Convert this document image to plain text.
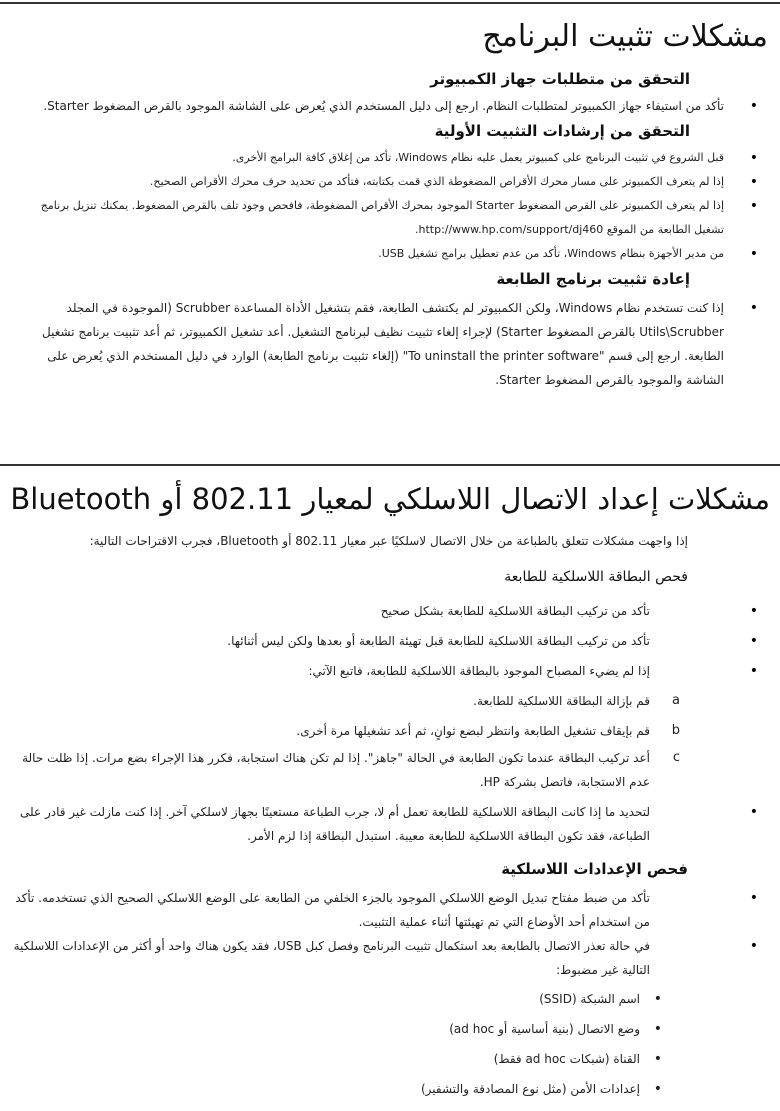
مشكلات تثبيت البرنامج
التحقق من متطلبات جهاز الكمبيوتر
• تأكد من استيفاء جهاز الكمبيوتر لمتطلبات النظام. ارجع إلى دليل المستخدم الذي يُعرض على الشاشة الموجود بالقرص المضغوط Starter.
التحقق من إرشادات التثبيت الأولية
• قبل الشروع في تثبيت البرنامج على كمبيوتر يعمل عليه نظام Windows، تأكد من إغلاق كافة البرامج الأخرى.
• إذا لم يتعرف الكمبيوتر على مسار محرك الأقراص المضغوطة الذي قمت بكتابته، فتأكد من تحديد حرف محرك الأقراص الصحيح.
• إذا لم يتعرف الكمبيوتر على القرص المضغوط Starter الموجود بمحرك الأقراص المضغوطة، فافحص وجود تلف بالقرص المضغوط. يمكنك تنزيل برنامج تشغيل الطابعة من الموقع http://www.hp.com/support/dj460.
• من مدير الأجهزة بنظام Windows، تأكد من عدم تعطيل برامج تشغيل USB.
إعادة تثبيت برنامج الطابعة
• إذا كنت تستخدم نظام Windows، ولكن الكمبيوتر لم يكتشف الطابعة، فقم بتشغيل الأداة المساعدة Scrubber (الموجودة في المجلد Utils\Scrubber بالقرص المضغوط Starter) لإجراء إلغاء تثبيت نظيف لبرنامج التشغيل. أعد تشغيل الكمبيوتر، ثم أعد تثبيت برنامج تشغيل الطابعة. ارجع إلى قسم "To uninstall the printer software" (إلغاء تثبيت برنامج الطابعة) الوارد في دليل المستخدم الذي يُعرض على الشاشة والموجود بالقرص المضغوط Starter.
مشكلات إعداد الاتصال اللاسلكي لمعيار 802.11 أو Bluetooth
إذا واجهت مشكلات تتعلق بالطباعة من خلال الاتصال لاسلكيًا عبر معيار 802.11 أو Bluetooth، فجرب الاقتراحات التالية:
فحص البطاقة اللاسلكية للطابعة
• تأكد من تركيب البطاقة اللاسلكية للطابعة بشكل صحيح
• تأكد من تركيب البطاقة اللاسلكية للطابعة قبل تهيئة الطابعة أو بعدها ولكن ليس أثنائها.
• إذا لم يضيء المصباح الموجود بالبطاقة اللاسلكية للطابعة، فاتبع الآتي:
a
قم بإزالة البطاقة اللاسلكية للطابعة.
b
قم بإيقاف تشغيل الطابعة وانتظر لبضع ثوانٍ، ثم أعد تشغيلها مرة أخرى.
c
أعد تركيب البطاقة عندما تكون الطابعة في الحالة "جاهز". إذا لم تكن هناك استجابة، فكرر هذا الإجراء بضع مرات. إذا ظلت حالة عدم الاستجابة، فاتصل بشركة HP.
• لتحديد ما إذا كانت البطاقة اللاسلكية للطابعة تعمل أم لا، جرب الطباعة مستعينًا بجهاز لاسلكي آخر. إذا كنت مازلت غير قادر على الطباعة، فقد تكون البطاقة اللاسلكية للطابعة معيبة. استبدل البطاقة إذا لزم الأمر.
فحص الإعدادات اللاسلكية
• تأكد من ضبط مفتاح تبديل الوضع اللاسلكي الموجود بالجزء الخلفي من الطابعة على الوضع اللاسلكي الصحيح الذي تستخدمه. تأكد من استخدام أحد الأوضاع التي تم تهيئتها أثناء عملية التثبيت.
• في حالة تعذر الاتصال بالطابعة بعد استكمال تثبيت البرنامج وفصل كبل USB، فقد يكون هناك واحد أو أكثر من الإعدادات اللاسلكية التالية غير مضبوط:
• اسم الشبكة (SSID)
• وضع الاتصال (بنية أساسية أو ad hoc)
• القناة (شبكات ad hoc فقط)
• إعدادات الأمن (مثل نوع المصادقة والتشفير)
